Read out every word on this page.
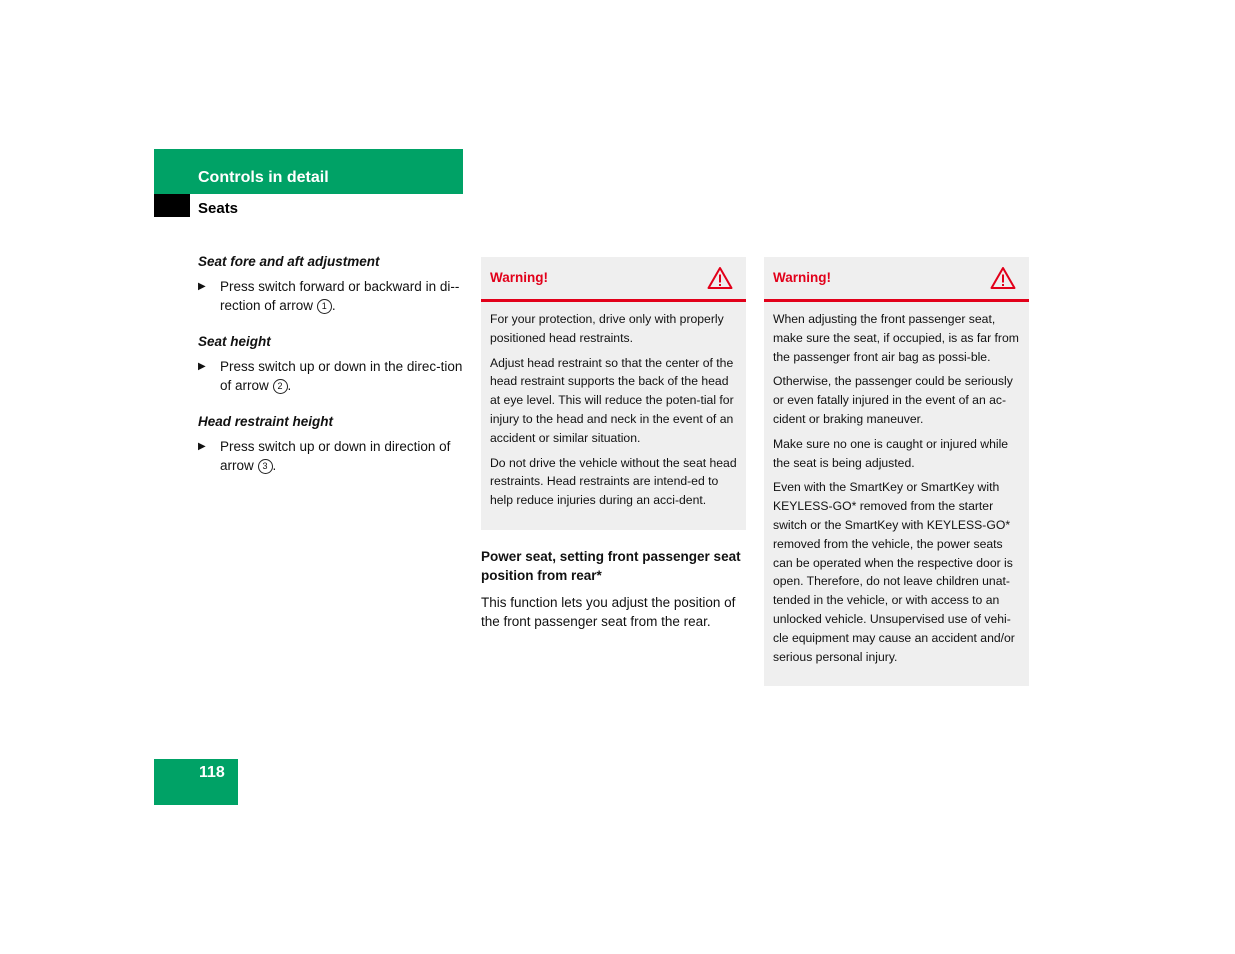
Controls in detail
Seats
Seat fore and aft adjustment
▶ Press switch forward or backward in di-rection of arrow 1 .
Seat height
▶ Press switch up or down in the direc-tion of arrow 2 .
Head restraint height
▶ Press switch up or down in direction of arrow 3 .
Warning!

For your protection, drive only with properly positioned head restraints.

Adjust head restraint so that the center of the head restraint supports the back of the head at eye level. This will reduce the poten-tial for injury to the head and neck in the event of an accident or similar situation.

Do not drive the vehicle without the seat head restraints. Head restraints are intend-ed to help reduce injuries during an acci-dent.

Power seat, setting front passenger seat position from rear*

This function lets you adjust the position of the front passenger seat from the rear.

Warning!

When adjusting the front passenger seat, make sure the seat, if occupied, is as far from the passenger front air bag as possi-ble.

Otherwise, the passenger could be seriously or even fatally injured in the event of an ac-cident or braking maneuver.

Make sure no one is caught or injured while the seat is being adjusted.

Even with the SmartKey or SmartKey with KEYLESS-GO* removed from the starter switch or the SmartKey with KEYLESS-GO* removed from the vehicle, the power seats can be operated when the respective door is open. Therefore, do not leave children unat-tended in the vehicle, or with access to an unlocked vehicle. Unsupervised use of vehi-cle equipment may cause an accident and/or serious personal injury.

118
